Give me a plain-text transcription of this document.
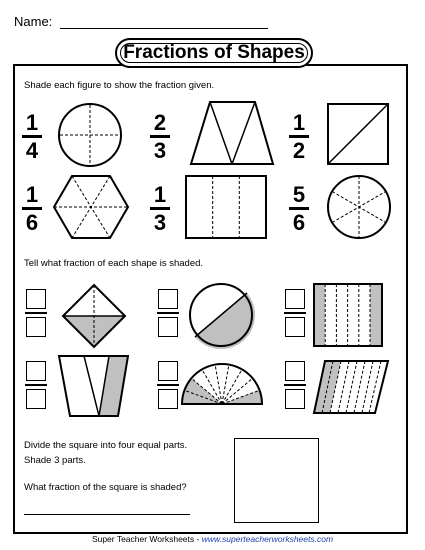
Name:
Fractions of Shapes
Shade each figure to show the fraction given.
1
4
2
3
1
2
1
6
1
3
5
6
Tell what fraction of each shape is shaded.
Divide the square into four equal parts.
Shade 3 parts.
What fraction of the square is shaded?
Super Teacher Worksheets - www.superteacherworksheets.com
